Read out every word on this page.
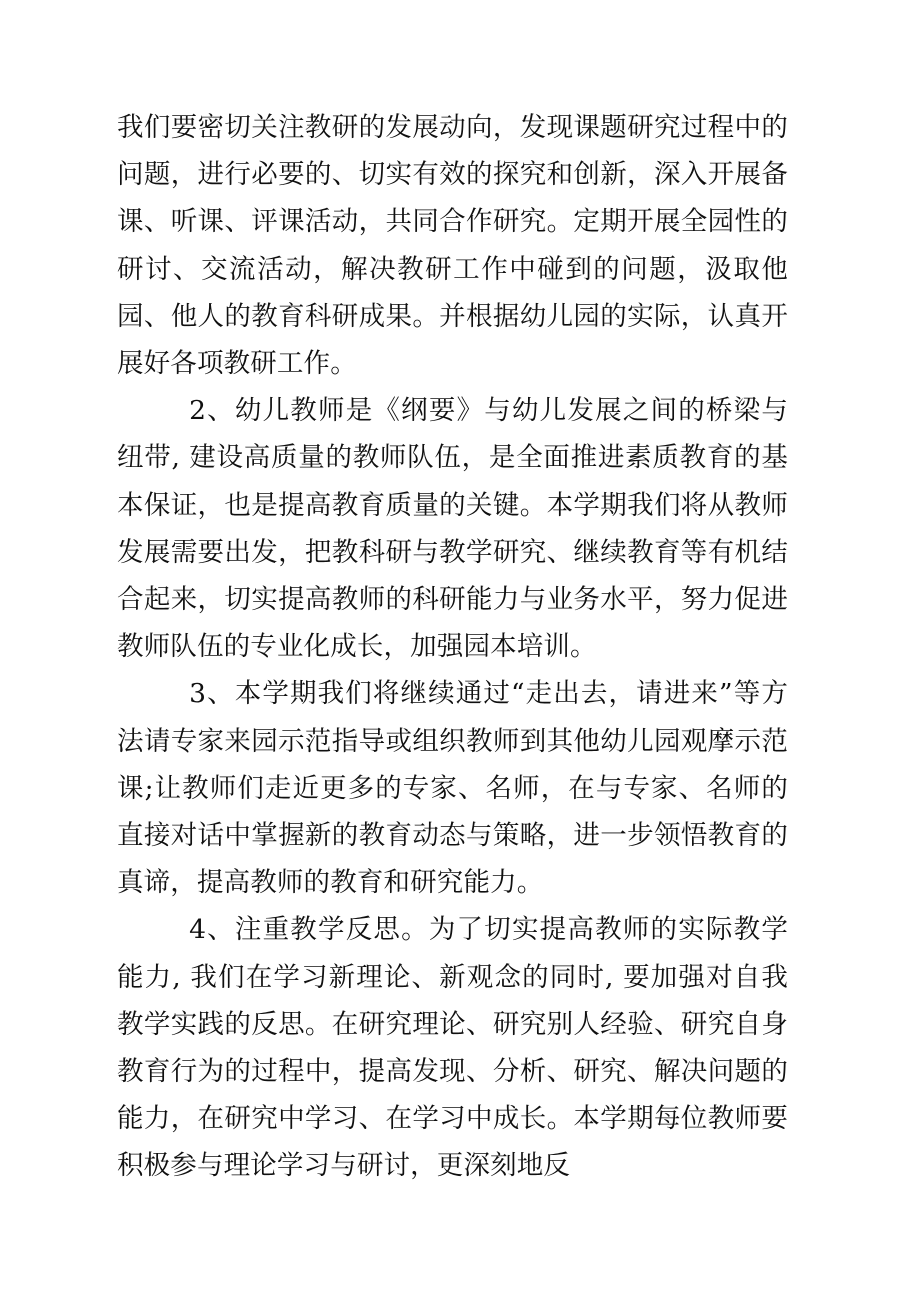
我们要密切关注教研的发展动向，发现课题研究过程中的问题，进行必要的、切实有效的探究和创新，深入开展备课、听课、评课活动，共同合作研究。定期开展全园性的研讨、交流活动，解决教研工作中碰到的问题，汲取他园、他人的教育科研成果。并根据幼儿园的实际，认真开展好各项教研工作。

2、幼儿教师是《纲要》与幼儿发展之间的桥梁与纽带, 建设高质量的教师队伍，是全面推进素质教育的基本保证，也是提高教育质量的关键。本学期我们将从教师发展需要出发，把教科研与教学研究、继续教育等有机结合起来，切实提高教师的科研能力与业务水平，努力促进教师队伍的专业化成长，加强园本培训。

3、本学期我们将继续通过“走出去，请进来”等方法请专家来园示范指导或组织教师到其他幼儿园观摩示范课;让教师们走近更多的专家、名师，在与专家、名师的直接对话中掌握新的教育动态与策略，进一步领悟教育的真谛，提高教师的教育和研究能力。

4、注重教学反思。为了切实提高教师的实际教学能力, 我们在学习新理论、新观念的同时, 要加强对自我教学实践的反思。在研究理论、研究别人经验、研究自身教育行为的过程中，提高发现、分析、研究、解决问题的能力，在研究中学习、在学习中成长。本学期每位教师要积极参与理论学习与研讨，更深刻地反
